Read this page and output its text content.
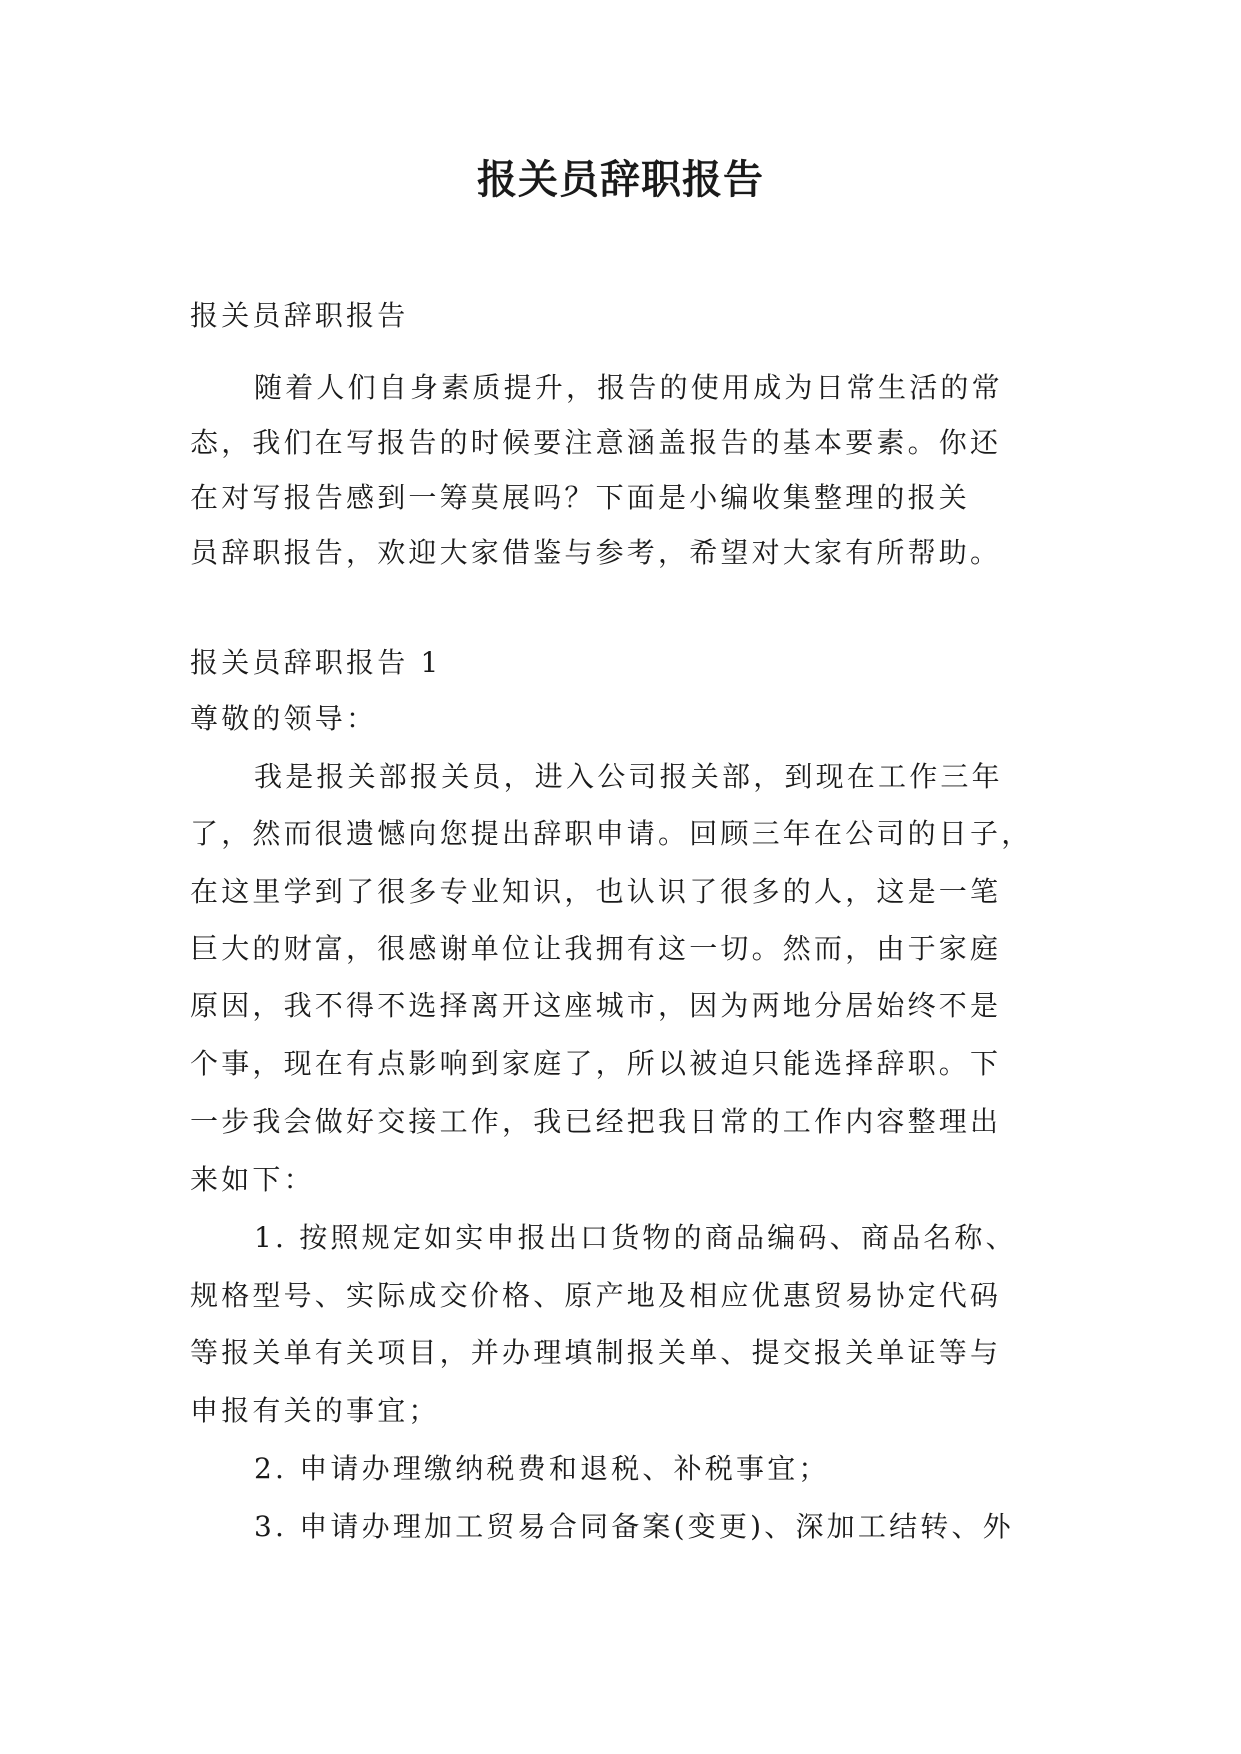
报关员辞职报告
报关员辞职报告
随着人们自身素质提升，报告的使用成为日常生活的常
态，我们在写报告的时候要注意涵盖报告的基本要素。你还
在对写报告感到一筹莫展吗？下面是小编收集整理的报关
员辞职报告，欢迎大家借鉴与参考，希望对大家有所帮助。
报关员辞职报告 1
尊敬的领导：
我是报关部报关员，进入公司报关部，到现在工作三年
了，然而很遗憾向您提出辞职申请。回顾三年在公司的日子，
在这里学到了很多专业知识，也认识了很多的人，这是一笔
巨大的财富，很感谢单位让我拥有这一切。然而，由于家庭
原因，我不得不选择离开这座城市，因为两地分居始终不是
个事，现在有点影响到家庭了，所以被迫只能选择辞职。下
一步我会做好交接工作，我已经把我日常的工作内容整理出
来如下：
1. 按照规定如实申报出口货物的商品编码、商品名称、
规格型号、实际成交价格、原产地及相应优惠贸易协定代码
等报关单有关项目，并办理填制报关单、提交报关单证等与
申报有关的事宜；
2. 申请办理缴纳税费和退税、补税事宜；
3. 申请办理加工贸易合同备案(变更)、深加工结转、外
